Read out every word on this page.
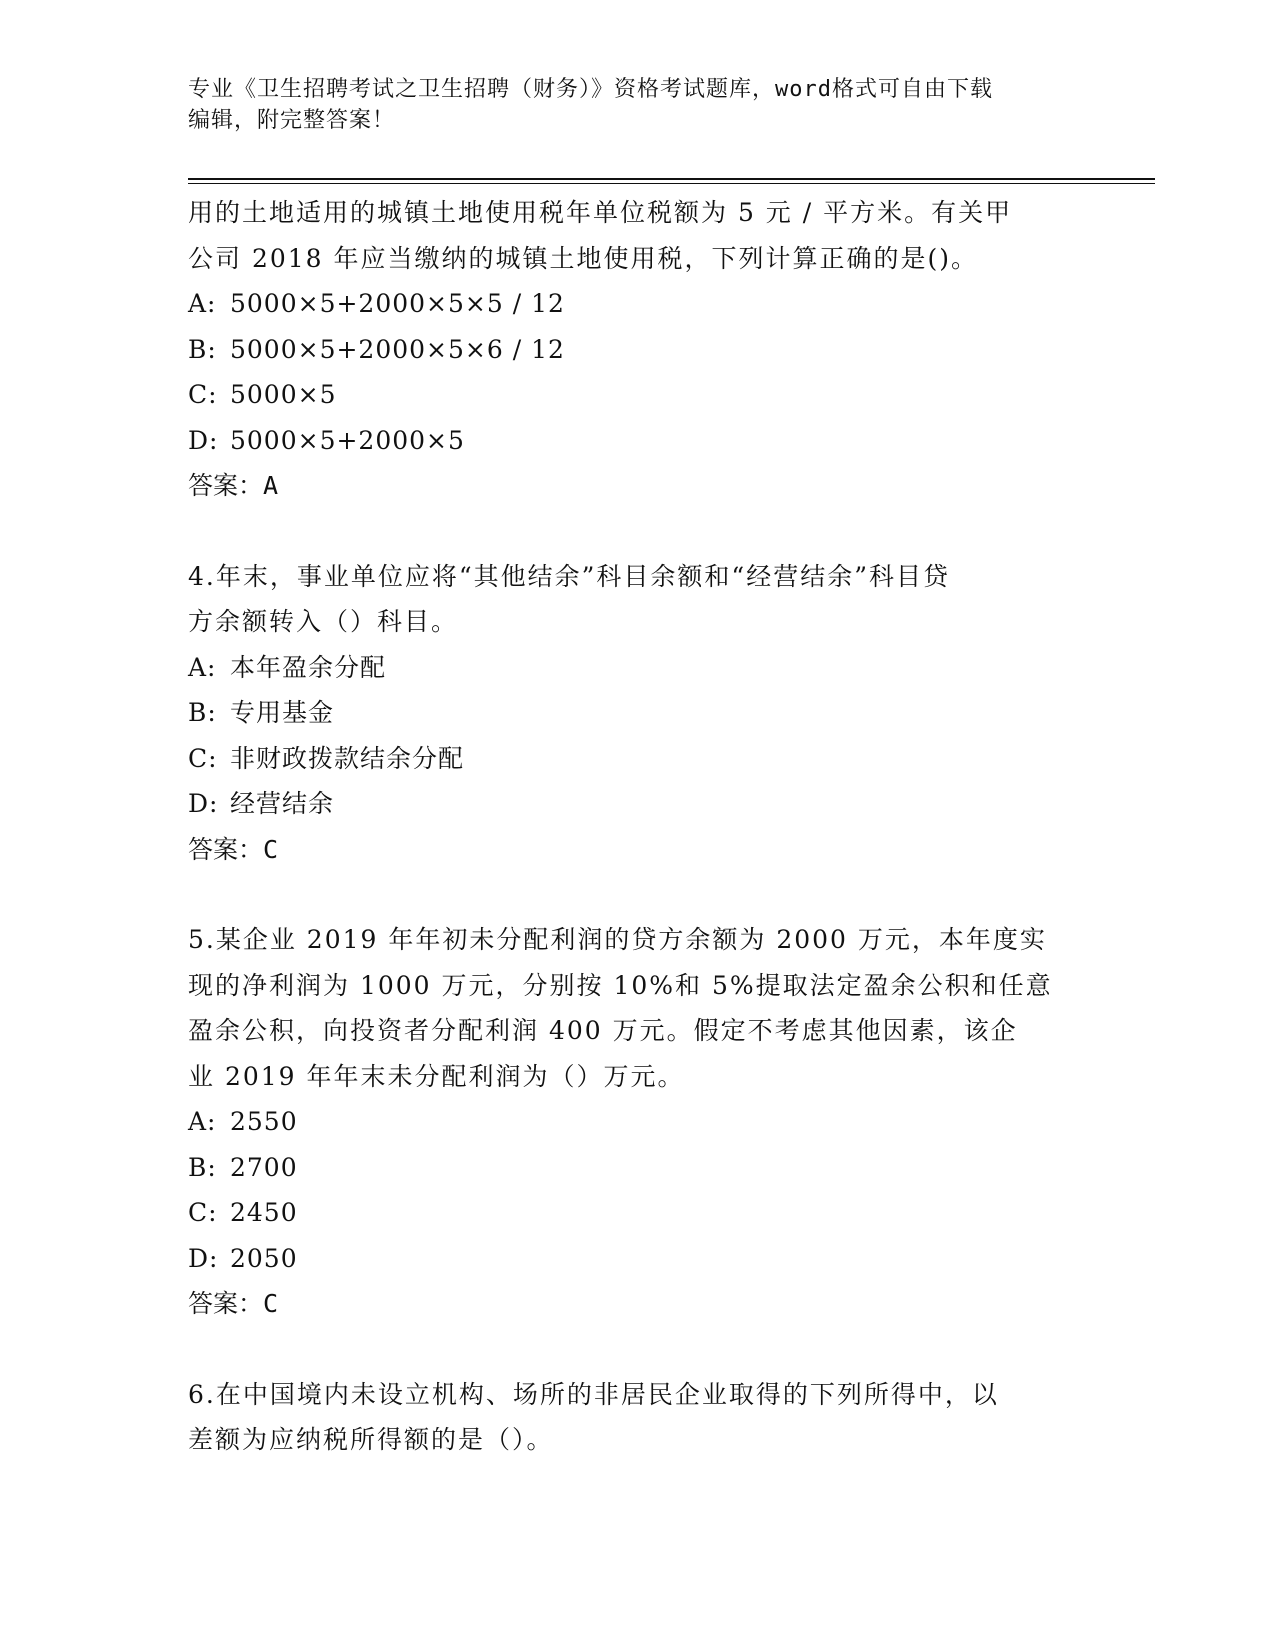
专业《卫生招聘考试之卫生招聘（财务）》资格考试题库，word格式可自由下载
编辑，附完整答案！
用的土地适用的城镇土地使用税年单位税额为 5 元 / 平方米。有关甲
公司 2018 年应当缴纳的城镇土地使用税，下列计算正确的是()。
A: 5000×5+2000×5×5 / 12
B: 5000×5+2000×5×6 / 12
C: 5000×5
D: 5000×5+2000×5
答案：A
4.年末，事业单位应将“其他结余”科目余额和“经营结余”科目贷
方余额转入（）科目。
A: 本年盈余分配
B: 专用基金
C: 非财政拨款结余分配
D: 经营结余
答案：C
5.某企业 2019 年年初未分配利润的贷方余额为 2000 万元，本年度实
现的净利润为 1000 万元，分别按 10%和 5%提取法定盈余公积和任意
盈余公积，向投资者分配利润 400 万元。假定不考虑其他因素，该企
业 2019 年年末未分配利润为（）万元。
A: 2550
B: 2700
C: 2450
D: 2050
答案：C
6.在中国境内未设立机构、场所的非居民企业取得的下列所得中，以
差额为应纳税所得额的是（）。
